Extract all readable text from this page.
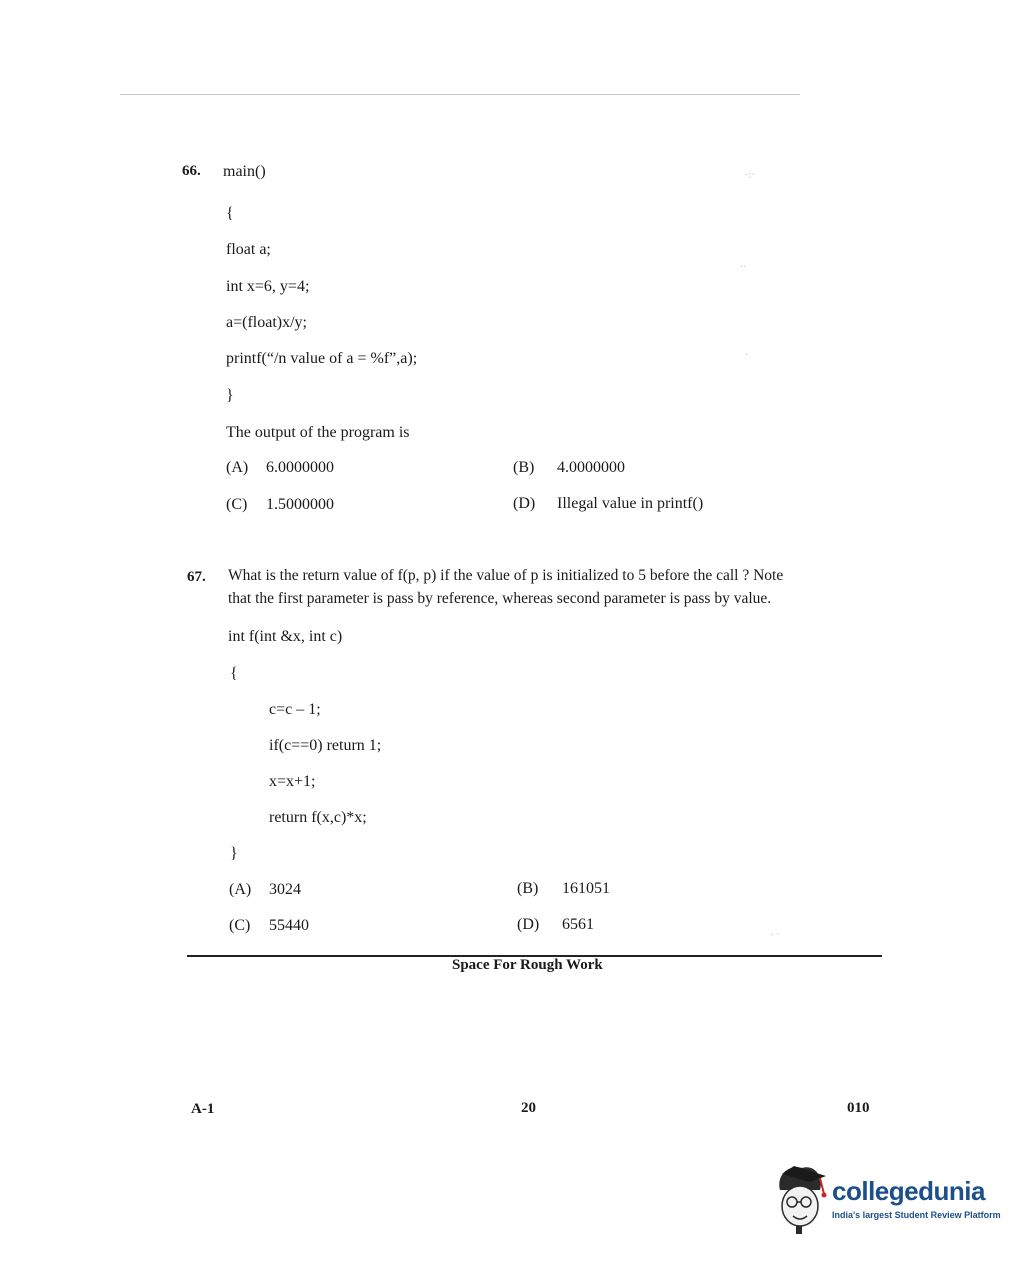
66. main()
{
float a;
int x=6, y=4;
a=(float)x/y;
printf(“/n value of a = %f”,a);
}
The output of the program is
(A) 6.0000000	(B) 4.0000000
(C) 1.5000000	(D) Illegal value in printf()
67. What is the return value of f(p, p) if the value of p is initialized to 5 before the call ? Note
that the first parameter is pass by reference, whereas second parameter is pass by value.
int f(int &x, int c)
{
c=c – 1;
if(c==0) return 1;
x=x+1;
return f(x,c)*x;
}
(A) 3024	(B) 161051
(C) 55440	(D) 6561
Space For Rough Work
A-1	20	010
·:·
··
·
· ·
collegedunia
India's largest Student Review Platform
